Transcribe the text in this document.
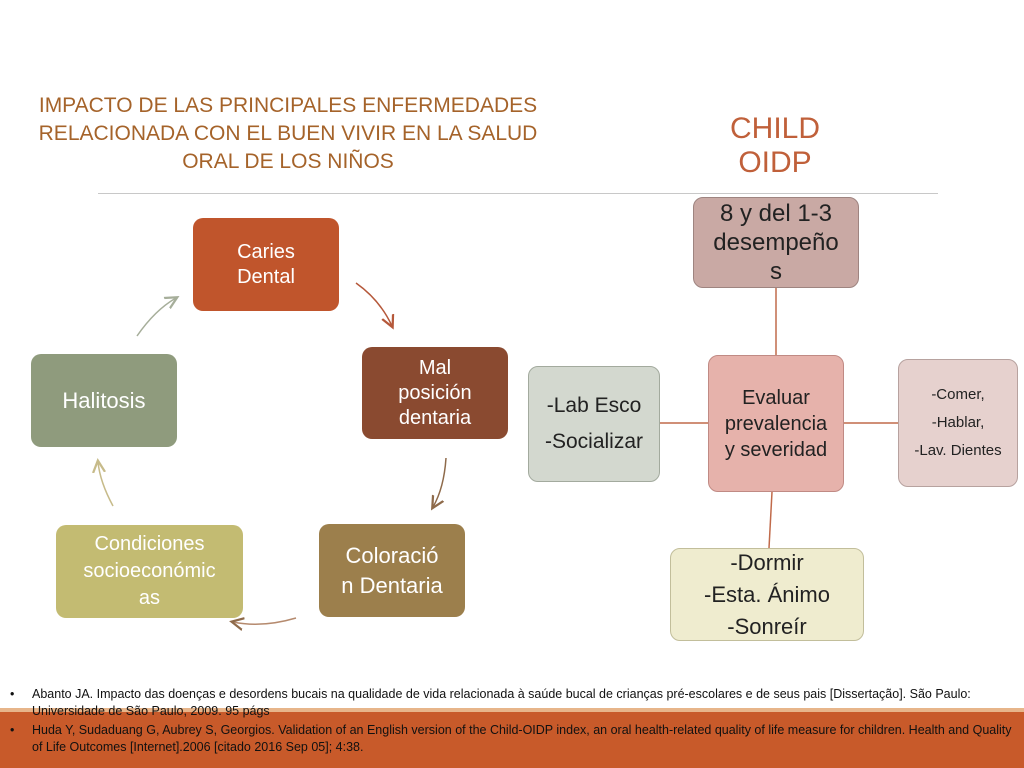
IMPACTO DE LAS PRINCIPALES ENFERMEDADES
RELACIONADA CON EL BUEN VIVIR EN LA SALUD
ORAL DE LOS NIÑOS
CHILD OIDP
Caries
Dental
Mal
posición
dentaria
Coloració
n Dentaria
Condiciones
socioeconómic
as
Halitosis
8 y del 1-3
desempeño
s
Evaluar
prevalencia
y severidad
-Lab Esco
-Socializar
-Comer,
-Hablar,
-Lav. Dientes
-Dormir
-Esta. Ánimo
-Sonreír
•	Abanto JA. Impacto das doenças e desordens bucais na qualidade de vida relacionada à saúde bucal de crianças pré-escolares e de seus pais [Dissertação]. São Paulo: Universidade de São Paulo, 2009. 95 págs
•	Huda Y, Sudaduang G, Aubrey S, Georgios. Validation of an English version of the Child-OIDP index, an oral health-related quality of life measure for children. Health and Quality of Life Outcomes [Internet].2006 [citado 2016 Sep 05]; 4:38.
